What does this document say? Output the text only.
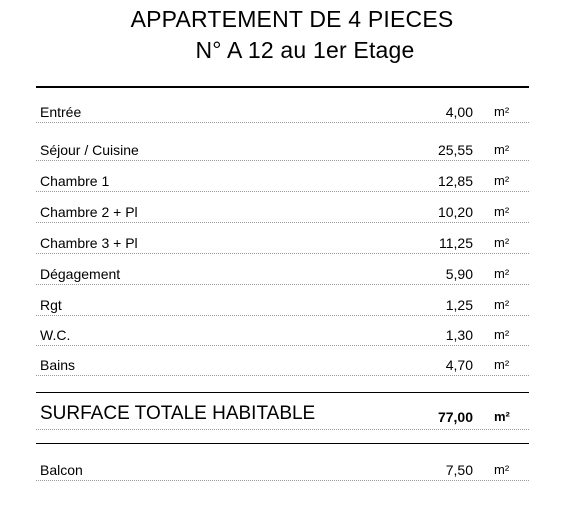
APPARTEMENT DE 4 PIECES
N° A 12 au 1er Etage
Entrée	4,00 m²
Séjour / Cuisine	25,55 m²
Chambre 1	12,85 m²
Chambre 2 + Pl	10,20 m²
Chambre 3 + Pl	11,25 m²
Dégagement	5,90 m²
Rgt	1,25 m²
W.C.	1,30 m²
Bains	4,70 m²
SURFACE TOTALE HABITABLE	77,00 m²
Balcon	7,50 m²
